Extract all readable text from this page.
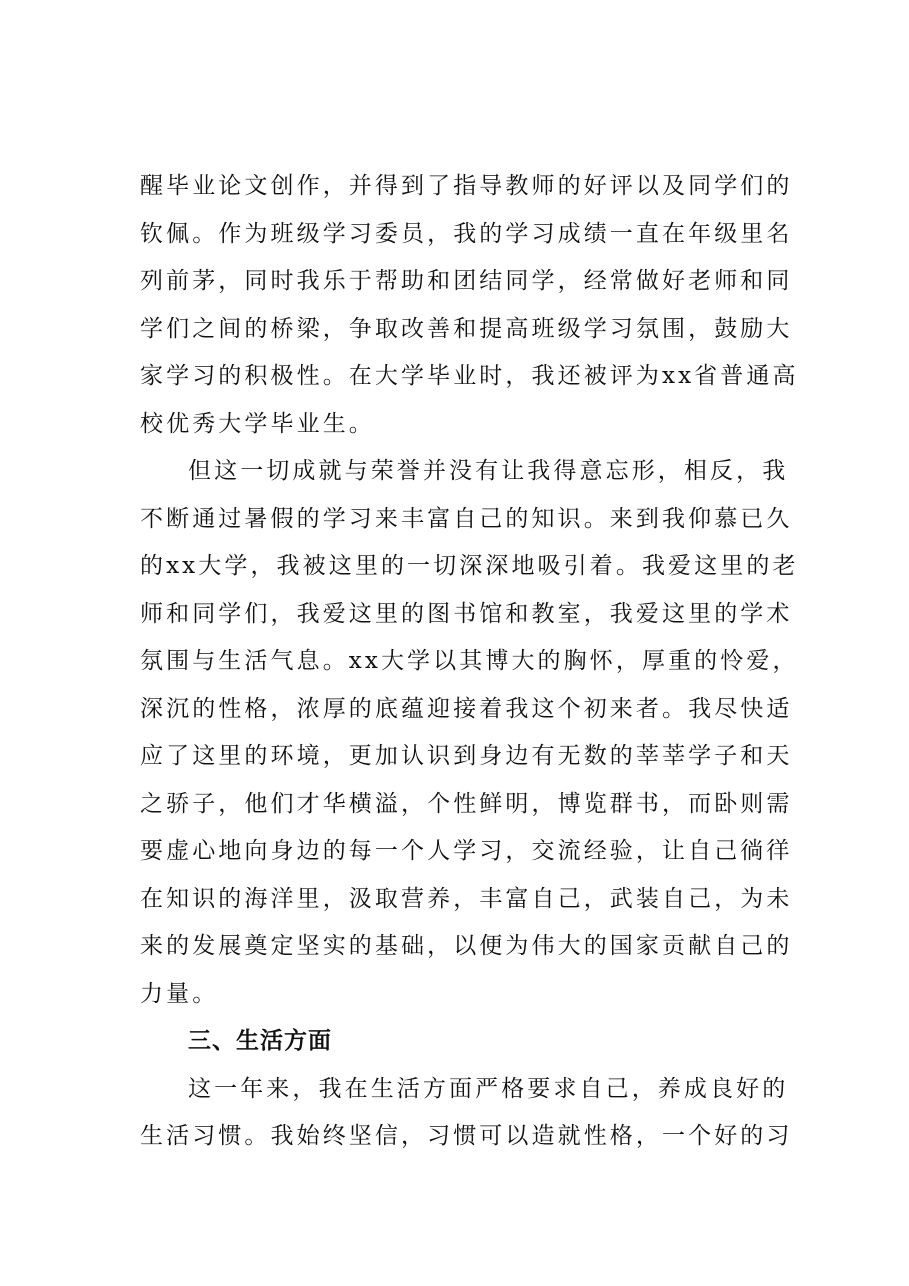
醒毕业论文创作，并得到了指导教师的好评以及同学们的
钦佩。作为班级学习委员，我的学习成绩一直在年级里名
列前茅，同时我乐于帮助和团结同学，经常做好老师和同
学们之间的桥梁，争取改善和提高班级学习氛围，鼓励大
家学习的积极性。在大学毕业时，我还被评为xx省普通高
校优秀大学毕业生。
但这一切成就与荣誉并没有让我得意忘形，相反，我
不断通过暑假的学习来丰富自己的知识。来到我仰慕已久
的xx大学，我被这里的一切深深地吸引着。我爱这里的老
师和同学们，我爱这里的图书馆和教室，我爱这里的学术
氛围与生活气息。xx大学以其博大的胸怀，厚重的怜爱，
深沉的性格，浓厚的底蕴迎接着我这个初来者。我尽快适
应了这里的环境，更加认识到身边有无数的莘莘学子和天
之骄子，他们才华横溢，个性鲜明，博览群书，而卧则需
要虚心地向身边的每一个人学习，交流经验，让自己徜徉
在知识的海洋里，汲取营养，丰富自己，武装自己，为未
来的发展奠定坚实的基础，以便为伟大的国家贡献自己的
力量。
三、生活方面
这一年来，我在生活方面严格要求自己，养成良好的
生活习惯。我始终坚信，习惯可以造就性格，一个好的习
